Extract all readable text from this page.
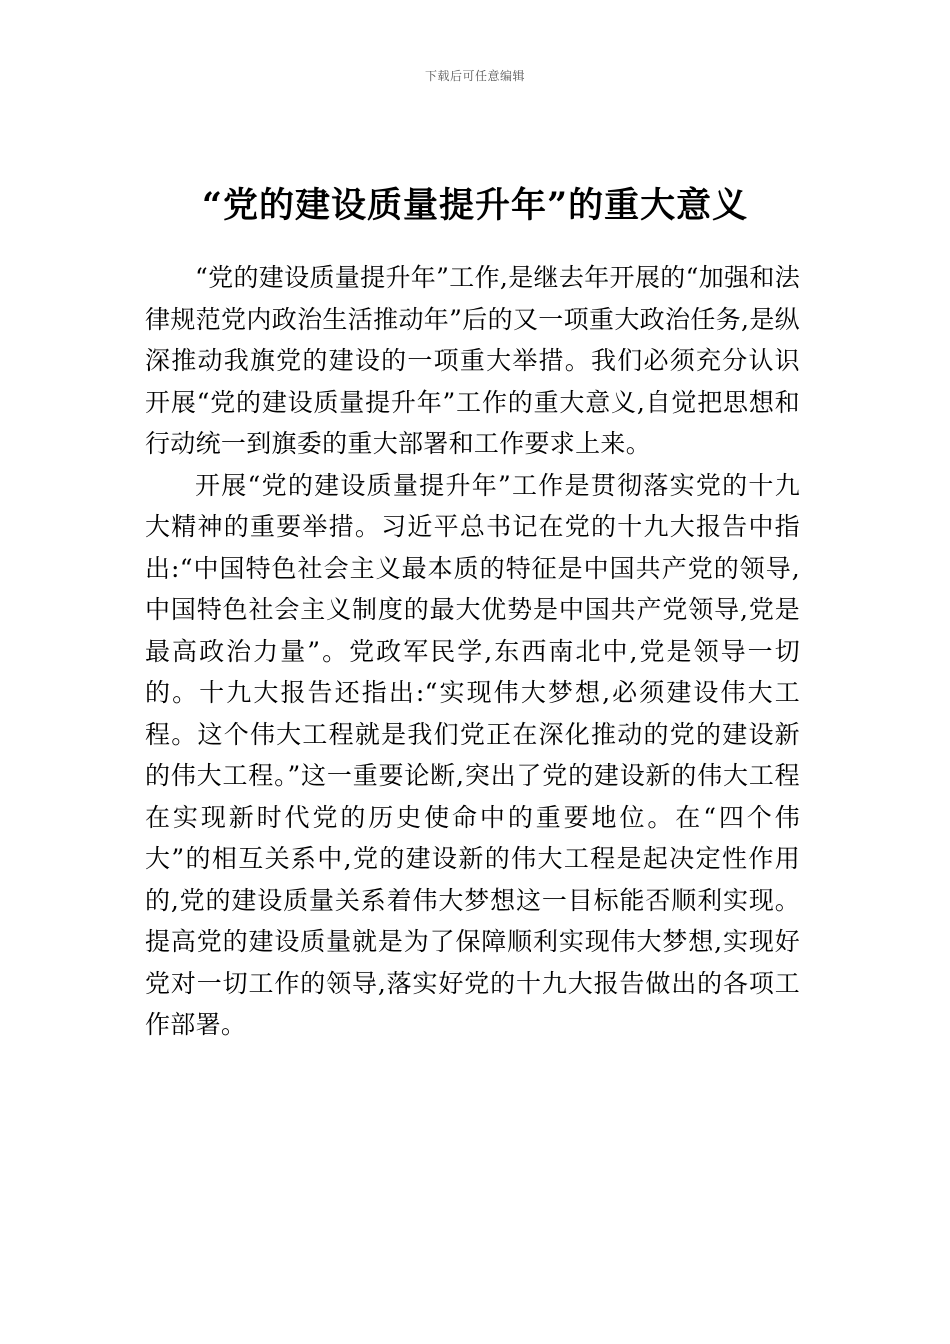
下载后可任意编辑
“党的建设质量提升年”的重大意义

“党的建设质量提升年”工作,是继去年开展的“加强和法律规范党内政治生活推动年”后的又一项重大政治任务,是纵深推动我旗党的建设的一项重大举措。我们必须充分认识开展“党的建设质量提升年”工作的重大意义,自觉把思想和行动统一到旗委的重大部署和工作要求上来。

开展“党的建设质量提升年”工作是贯彻落实党的十九大精神的重要举措。习近平总书记在党的十九大报告中指出:“中国特色社会主义最本质的特征是中国共产党的领导,中国特色社会主义制度的最大优势是中国共产党领导,党是最高政治力量”。党政军民学,东西南北中,党是领导一切的。十九大报告还指出:“实现伟大梦想,必须建设伟大工程。这个伟大工程就是我们党正在深化推动的党的建设新的伟大工程。”这一重要论断,突出了党的建设新的伟大工程在实现新时代党的历史使命中的重要地位。在“四个伟大”的相互关系中,党的建设新的伟大工程是起决定性作用的,党的建设质量关系着伟大梦想这一目标能否顺利实现。提高党的建设质量就是为了保障顺利实现伟大梦想,实现好党对一切工作的领导,落实好党的十九大报告做出的各项工作部署。
